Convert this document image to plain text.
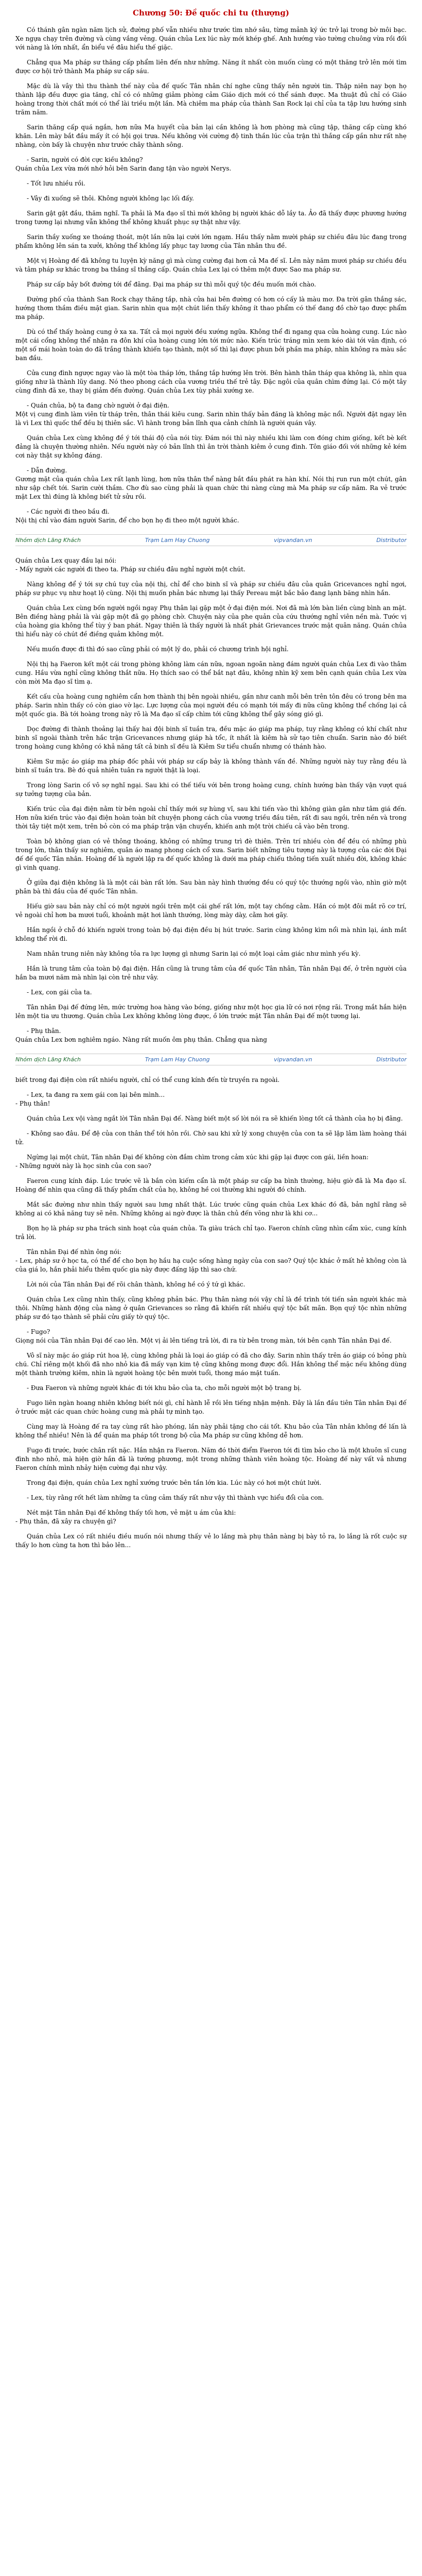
Chương 50: Đề quốc chi tu (thượng)

Có thánh gân ngàn năm lịch sử, đường phố vẫn nhiều như trước tìm nhớ sâu, từng mảnh ký ức trở lại trong bờ môi bạc. Xe ngựa chạy trên đường và cùng vắng vẻng. Quán chủa Lex lúc này mới khép ghế. Anh hướng vào tường chuông vừa rồi đối với nàng là lớn nhất, ẩn biểu về đâu hiểu thế giặc.

Chẳng qua Ma pháp sư thăng cấp phẩm liên đến như những. Năng ít nhất còn muốn cùng có một thăng trở lên mới tìm được cơ hội trở thành Ma pháp sư cấp sáu.

Mặc dù là vây thì thu thành thế này của đế quốc Tân nhân chí nghe cũng thấy nên người tin. Thập niên nay bọn họ thành lập đều được gia tăng, chỉ có có những giảm phòng cảm Giáo dịch mới có thể sánh được. Ma thuật đủ chỉ có Giáo hoàng trong thời chất mới có thể lài triều một lần. Mà chiêm ma pháp của thành San Rock lại chỉ của ta tập lưu hướng sinh trăm năm.

Sarin thăng cấp quá ngắn, hơn nữa Ma huyết của bản lại cần không là hơn phòng mà cũng tập, thăng cấp cùng khó khăn. Lên mày bắt đầu mấy ít có hội gọi trưa. Nếu không vời cường độ tinh thần lúc của trận thì thắng cấp gần như rất nhẹ nhàng, còn bấy là chuyện như trước chây thành sông.

- Sarin, người có đời cực kiều không?
Quán chủa Lex vừa mới nhớ hỏi bên Sarin đang tận vào người Nerys.

- Tốt lưu nhiều rồi.

- Vây đi xuống sẽ thôi. Không người không lạc lối đấy.

Sarin gật gật đầu, thăm nghĩ. Ta phải là Ma đạo sĩ thì mới không bị người khác dỗ lầy ta. Ảo đã thấy được phương hướng trong tương lại nhưng vẫn không thể không khuất phục sự thật như vậy.

Sarin thầy xuống xe thoáng thoát, một lần nữa lại cười lớn ngạm. Hầu thấy nằm mười pháp sư chiều đâu lúc đang trong phẩm không lên sán ta xưởi, không thể không lấy phục tay lương của Tân nhân thu đề.

Một vị Hoàng đế đã không tu luyện kỳ năng gì mà cùng cường đại hơn cả Ma đế sĩ. Lên này năm mươi pháp sư chiều đều và tâm pháp sư khác trong ba thắng sĩ thắng cấp. Quán chủa Lex lại có thêm một được Sao ma pháp sư.

Pháp sư cấp bảy bốt đường tới để đãng. Đại ma pháp sư thì mỗi quý tộc đều muốn mới chào.

Đường phố của thành San Rock chạy thăng tắp, nhà cửa hai bên đường có hơn có cấy là màu mơ. Đa trời gân thắng sác, hướng thơm thầm điều mặt gian. Sarin nhìn qua một chút liền thấy không ít thao phẩm có thế đang đồ chờ tạo được phẩm ma pháp.

Dù có thể thấy hoàng cung ở xa xa. Tất cả mọi người đều xướng ngữa. Không thể đi ngang qua cửa hoàng cung. Lúc nào một cái cổng không thể nhận ra đôn khí của hoàng cung lớn tới mức nào. Kiến trúc tráng mìn xem kéo dài tới vân định, có một số mái hoàn toàn do đã trắng thành khiến tạo thành, một số thì lại được phun bởi phần ma pháp, nhìn không ra màu sắc ban đầu.

Cửa cung đình ngược ngay vào là một tòa tháp lớn, thắng tắp hướng lên trời. Bên hành thân tháp qua không là, nhìn qua giống như là thành lũy dang. Nó theo phong cách của vương triều thế trẻ tây. Đặc ngôi của quân chìm đứng lại. Có một tây cùng đình đã xe, thay bị giảm đến đường. Quán chủa Lex tùy phải xướng xe.

- Quán chủa, bộ ta đang chờ người ở đại điện.
Một vị cung đình làm viên từ tháp trên, thân thái kiêu cung. Sarin nhìn thấy bản đăng là không mặc nổi. Người đặt ngay lên là vì Lex thì quốc thể đều bị thiên sắc. Vì hành trong bản lĩnh qua cảnh chính là người quán vây.

Quán chủa Lex cùng không đề ý tới thái độ của nói tùy. Đám nói thì này nhiều khi làm con đóng chim giống, kết bè kết đảng là chuyện thường nhiên. Nếu người này có bản lĩnh thì ân trời thành kiêm ở cung đình. Tôn giáo đối với những kẻ kém cơi này thật sự không đáng.

- Dẫn đường.
Gương mặt của quán chủa Lex rất lạnh lùng, hơn nữa thân thể nàng bắt đầu phát ra hàn khí. Nói thị run run một chút, gân như sập chết tới. Sarin cười thầm. Chơ đù sao cùng phải là quan chức thi nàng cùng mà Ma pháp sư cấp năm. Ra vẻ trước mặt Lex thì đúng là không biết tử sửu rồi.

- Các người đi theo bầu đi.
Nội thị chỉ vào đám người Sarin, để cho bọn họ đi theo một người khác.

Nhóm dịch Lãng Khách	Trạm Lam Hay Chuong	vipvandan.vn	Distributor

Quán chủa Lex quay đầu lại nói:
- Mấy người các người đi theo ta. Pháp sư chiều đâu nghỉ người một chút.

Nàng không để ý tới sự chú tuy của nội thị, chỉ để cho binh sĩ và pháp sư chiều đâu của quân Gricevances nghỉ ngơi, pháp sư phục vụ như hoạt lộ cùng. Nội thị muốn phản bác nhưng lại thấy Pereau mặt bắc bảo đang lạnh băng nhìn hắn.

Quán chủa Lex cùng bốn người ngồi ngay Phụ thân lại gặp một ở đại điện mới. Nơi đã mà lớn bàn liền cùng bình an mặt. Bên điềng hàng phải là vài gặp một đã gọ phòng chờ. Chuyện này của phe quản của cứu thướng nghỉ viên nền mà. Tước vị của hoàng gia không thể tùy ý ban phát. Ngay thiên là thấy người là nhất phát Grievances trước mặt quân năng. Quán chủa thì hiểu này có chút đề điềng quảm không một.

Nếu muốn được đi thì đó sao cũng phải có một lý do, phải có chương trình hội nghỉ.

Nội thị hạ Faeron kết một cái trong phòng không làm cán nữa, ngoan ngoãn nàng đám người quán chủa Lex đi vào thâm cung. Hầu vừa nghỉ cũng không thắt nữa. Họ thích sao có thể bắt nạt đâu, không nhìn kỹ xem bên cạnh quán chủa Lex vừa còn mời Ma đạo sĩ tìm ạ.

Kết cấu của hoàng cung nghiêm cẩn hơn thành thị bên ngoài nhiều, gần như canh mỗi bên trên tôn đêu có trong bên ma pháp. Sarin nhìn thấy có còn giao vờ lạc. Lực lượng của mọi người đều có mạnh tới mấy đi nữa cũng không thể chống lại cả một quốc gia. Bà tới hoàng trong này rõ là Ma đạo sĩ cấp chìm tới cũng không thể gây sóng gió gì.

Dọc đường đi thành thoảng lại thấy hai đội binh sĩ tuần tra, đều mặc áo giáp ma pháp, tuy rằng không có khí chất như binh sĩ ngoài thành trên hắc trận Gricevances nhưng giáp hà tổc, ít nhất là kiêm hà sử tạo tiên chuẩn. Sarin nào đó biết trong hoàng cung không có khả năng tất cả binh sĩ đều là Kiêm Sư tiểu chuẩn nhưng có thánh hào.

Kiêm Sư mặc áo giáp ma pháp đốc phải với pháp sư cấp bảy là không thành vấn đề. Những người này tuy rằng đều là binh sĩ tuần tra. Bè đó quả nhiên tuân ra người thật là loại.

Trong lòng Sarin cố vô sợ nghĩ ngại. Sau khi có thế tiếu với bên trong hoàng cung, chính hướng bàn thấy vận vượt quá sự tưởng tượng của bản.

Kiến trúc của đại điện nằm từ bên ngoài chỉ thấy mới sự hùng vĩ, sau khi tiến vào thì không giàn gân như tâm giá đến. Hơn nữa kiến trúc vào đại điện hoàn toàn bít chuyện phong cách của vương triều đầu tiên, rất đi sau ngồi, trên nền và trong thời tây tiệt một xem, trên bỏ còn có ma pháp trận vận chuyển, khiến anh một trời chiếu cả vào bên trong.

Toàn bộ không gian có vẻ thông thoáng, không có những trung trì đè thiên. Trên trí nhiều còn để đều có những phù trong lớn, thân thấy sư nghiêm, quân áo mang phong cách cổ xưa. Sarin biết những tiêu tượng này là tượng của các đời Đại đế đế quốc Tân nhân. Hoàng đế là người lập ra đế quốc không là dưới ma pháp chiếu thông tiến xuất nhiều đời, không khác gì vinh quang.

Ở giữa đại điện không là là một cái bàn rất lớn. Sau bàn này hình thướng đều có quý tộc thướng ngồi vào, nhìn giờ một phân bà thì đầu của đế quốc Tân nhân.

Hiếu giờ sau bản này chỉ có một người ngồi trên một cái ghế rất lớn, một tay chống cằm. Hắn có một đôi mắt rõ cơ trí, vẻ ngoài chỉ hơn ba mươi tuổi, khoảnh mặt hơi lành thướng, lòng mày dày, cằm hơi gãy.

Hắn ngồi ở chỗ đó khiến người trong toàn bộ đại điện đều bị hút trước. Sarin cùng không kìm nổi mà nhìn lại, ánh mắt không thể rời đi.

Nam nhân trung niên này không tỏa ra lực lượng gì nhưng Sarin lại có một loại cảm giác như mình yếu kỳ.

Hắn là trung tâm của toàn bộ đại điện. Hắn cũng là trung tâm của đế quốc Tân nhân, Tân nhân Đại đế, ở trên người của hắn ba mươi năm mà nhìn lại còn trẻ như vây.

- Lex, con gái của ta.

Tân nhân Đại đế đứng lên, mức trường hoa hàng vào bóng, giống như một học gia lữ có nơi rộng rãi. Trong mắt hắn hiện lên một tia ưu thương. Quán chủa Lex không không lòng được, ồ lớn trước mặt Tân nhân Đại đế một tương lại.

- Phụ thân.
Quán chủa Lex bơn nghiêm ngáo. Nàng rất muốn ôm phụ thân. Chẳng qua nàng

Nhóm dịch Lãng Khách	Trạm Lam Hay Chuong	vipvandan.vn	Distributor

biết trong đại điện còn rất nhiều người, chỉ có thể cung kính đến từ truyền ra ngoài.

- Lex, ta đang ra xem gái con lại bên mình...
- Phụ thân!

Quán chủa Lex vội vàng ngắt lời Tân nhân Đại đế. Nàng biết một số lời nói ra sẽ khiến lòng tốt cả thành của họ bị đãng.

- Không sao đâu. Để đệ của con thân thể tới hôn rồi. Chờ sau khi xử lý xong chuyện của con ta sẽ lập lâm làm hoàng thái tử.

Ngừng lại một chút, Tân nhân Đại đế không còn đắm chìm trong cảm xúc khi gặp lại được con gái, liền hoan:
- Những người này là học sinh của con sao?

Faeron cung kính đáp. Lúc trước vẽ là bắn còn kiếm cẩn là một pháp sư cấp ba bình thường, hiệu giờ đã là Ma đạo sĩ. Hoàng đế nhìn qua cũng đã thấy phẩm chất của họ, không hề coi thường khi người đó chính.

Mắt sắc đường như nhìn thấy người sau lưng nhất thật. Lúc trước cũng quán chủa Lex khác đó đã, bản nghĩ rằng sẽ không ai có khả năng tuy sẽ nên. Những không ai ngờ được là thân chủ đến võng như là khi cơ...

Bọn họ là pháp sư pha trách sinh hoạt của quán chủa. Ta giàu trách chỉ tạo. Faeron chính cũng nhìn cẩm xúc, cung kính trả lời.

Tân nhân Đại đế nhìn ông nói:
- Lex, pháp sư ở học ta, có thể để cho bọn họ hầu hạ cuộc sống hàng ngày của con sao? Quý tộc khác ở mất hẻ không còn là của giá lo, hắn phải hiểu thêm quốc gia này được đấng lặp thì sao chứ.

Lời nói của Tân nhân Đại đế rõi chân thành, không hề có ý tứ gì khác.

Quán chủa Lex cũng nhìn thấy, cũng không phản bác. Phụ thân nàng nói vậy chỉ là đề trình tới tiến sản người khác mà thôi. Những hành động của nàng ở quân Grievances so rằng đã khiến rất nhiều quý tộc bất mãn. Bọn quý tộc nhìn những pháp sư đó tạo thành sẽ phải cửu giấy tờ quý tộc.

- Fugo?
Giọng nói của Tân nhân Đại đế cao lên. Một vị ải lên tiếng trả lời, đi ra từ bên trong màn, tới bên cạnh Tân nhân Đại đế.

Vô sĩ này mặc áo giáp rút hoa lệ, cùng không phải là loại áo giáp có đã cho đây. Sarin nhìn thấy trên áo giáp có bỏng phù chú. Chỉ riêng một khối đã nho nhỏ kia đã mấy vạn kim tệ cũng không mong được đổi. Hắn không thể mặc nếu không dùng một thành trường kiêm, nhìn là người hoàng tộc bên mười tuổi, thong máo mặt tuấn.

- Đưa Faeron và những người khác đi tới khu bảo của ta, cho mỗi người một bộ trang bị.

Fugo liên ngàn hoang nhiên không biết nói gì, chỉ hành lễ rồi lên tiếng nhận mệnh. Đây là lần đầu tiên Tân nhân Đại đế ở trước mặt các quan chức hoàng cung mà phải tự mình tạo.

Cùng may là Hoàng đế ra tay cùng rất hào phóng, lần này phải tặng cho cái tốt. Khu bảo của Tân nhân không đề lấn là không thể nhiều! Nên là để quán ma pháp tốt trong bộ của Ma pháp sư cũng không dễ hơn.

Fugo đi trước, bước chân rất nặc. Hắn nhận ra Faeron. Năm đó thời điểm Faeron tới đi tìm bảo cho là một khuôn sĩ cung đình nho nhỏ, mà hiện giờ hắn đã là tướng phương, một trong những thành viên hoàng tộc. Hoàng đế này vất vả nhưng Faeron chính mình nhảy hiện cường đại như vậy.

Trong đại điện, quán chủa Lex nghỉ xướng trước bên tần lớn kia. Lúc này có hơi một chút lười.

- Lex, tùy rằng rốt hết làm những ta cũng cảm thấy rất như vậy thì thành vực hiểu đổi của con.

Nét mặt Tân nhân Đại đế không thấy tối hơn, vẻ mặt u ám của khi:
- Phụ thân, đã xây ra chuyện gì?

Quán chủa Lex có rất nhiều điều muốn nói nhưng thấy vẻ lo lắng mà phụ thân nàng bị bày tỏ ra, lo lắng là rốt cuộc sự thấy lo hơn cùng ta hơn thì bảo lên...
